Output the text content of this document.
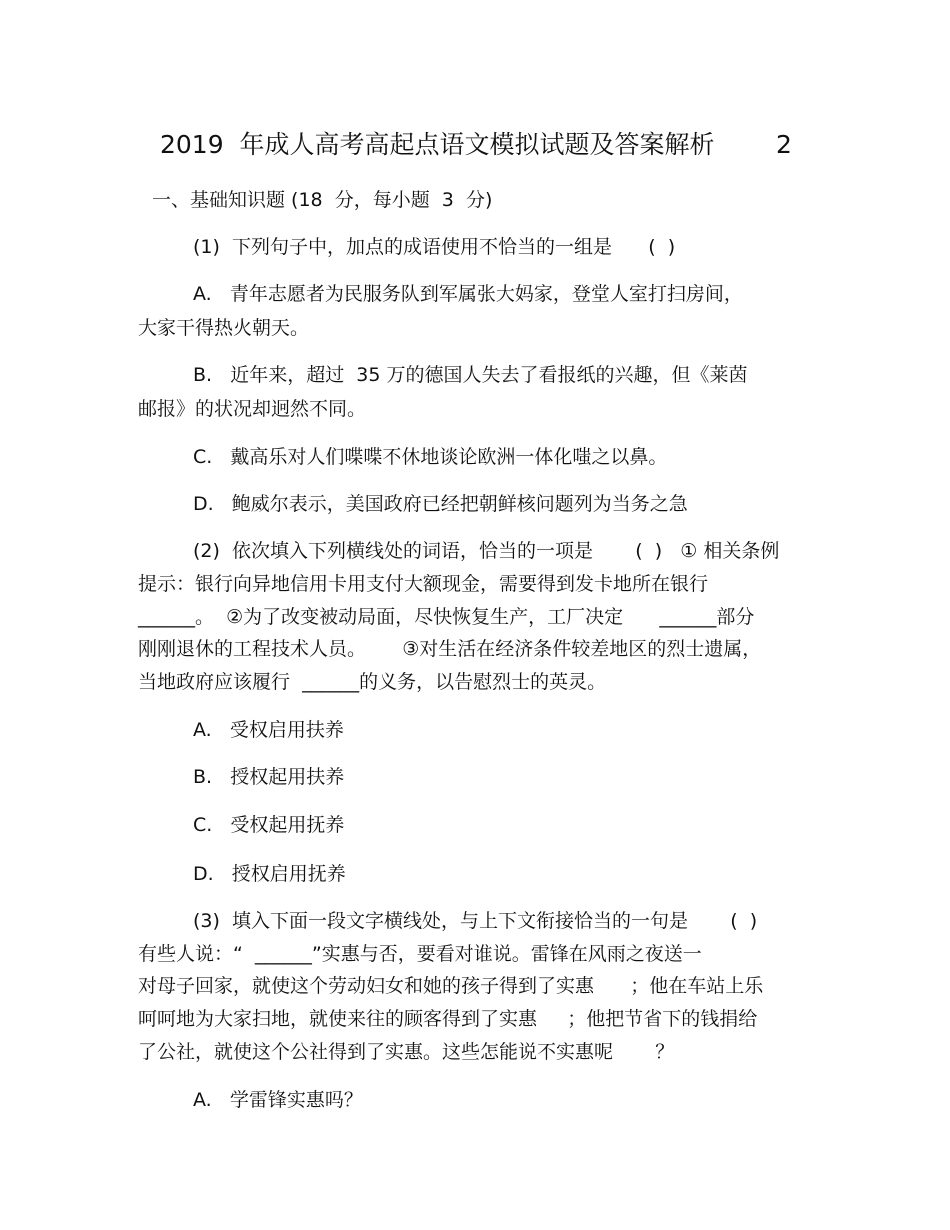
2019  年成人高考高起点语文模拟试题及答案解析 2
一、基础知识题 (18  分，每小题  3  分)
(1)  下列句子中，加点的成语使用不恰当的一组是      (  )
A.   青年志愿者为民服务队到军属张大妈家，登堂人室打扫房间，
大家干得热火朝天。
B.   近年来，超过  35 万的德国人失去了看报纸的兴趣，但《莱茵
邮报》的状况却迥然不同。
C.   戴高乐对人们喋喋不休地谈论欧洲一体化嗤之以鼻。
D.   鲍威尔表示，美国政府已经把朝鲜核问题列为当务之急
(2)  依次填入下列横线处的词语，恰当的一项是       (  )   ① 相关条例
提示：银行向异地信用卡用支付大额现金，需要得到发卡地所在银行
______。  ②为了改变被动局面，尽快恢复生产，工厂决定      ______部分
刚刚退休的工程技术人员。      ③对生活在经济条件较差地区的烈士遗属，
当地政府应该履行  ______的义务，以告慰烈士的英灵。
A.   受权启用扶养
B.   授权起用扶养
C.   受权起用抚养
D.   授权启用抚养
(3)  填入下面一段文字横线处，与上下文衔接恰当的一句是       (  )
有些人说：“  ______”实惠与否，要看对谁说。雷锋在风雨之夜送一
对母子回家，就使这个劳动妇女和她的孩子得到了实惠      ；他在车站上乐
呵呵地为大家扫地，就使来往的顾客得到了实惠     ；他把节省下的钱捐给
了公社，就使这个公社得到了实惠。这些怎能说不实惠呢       ？
A.   学雷锋实惠吗？
